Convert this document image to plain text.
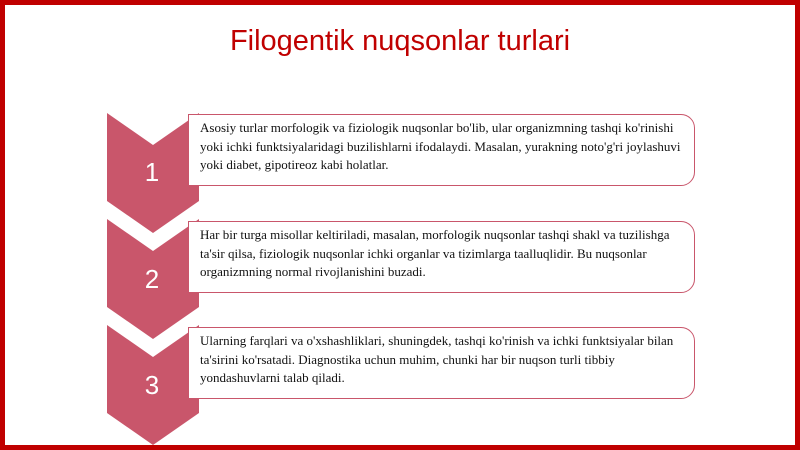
Filogentik nuqsonlar turlari
1
2
3
Asosiy turlar morfologik va fiziologik nuqsonlar bo'lib, ular organizmning tashqi ko'rinishi yoki ichki funktsiyalaridagi buzilishlarni ifodalaydi. Masalan, yurakning noto'g'ri joylashuvi yoki diabet, gipotireoz kabi holatlar.
Har bir turga misollar keltiriladi, masalan, morfologik nuqsonlar tashqi shakl va tuzilishga ta'sir qilsa, fiziologik nuqsonlar ichki organlar va tizimlarga taalluqlidir. Bu nuqsonlar organizmning normal rivojlanishini buzadi.
Ularning farqlari va o'xshashliklari, shuningdek, tashqi ko'rinish va ichki funktsiyalar bilan ta'sirini ko'rsatadi. Diagnostika uchun muhim, chunki har bir nuqson turli tibbiy yondashuvlarni talab qiladi.
